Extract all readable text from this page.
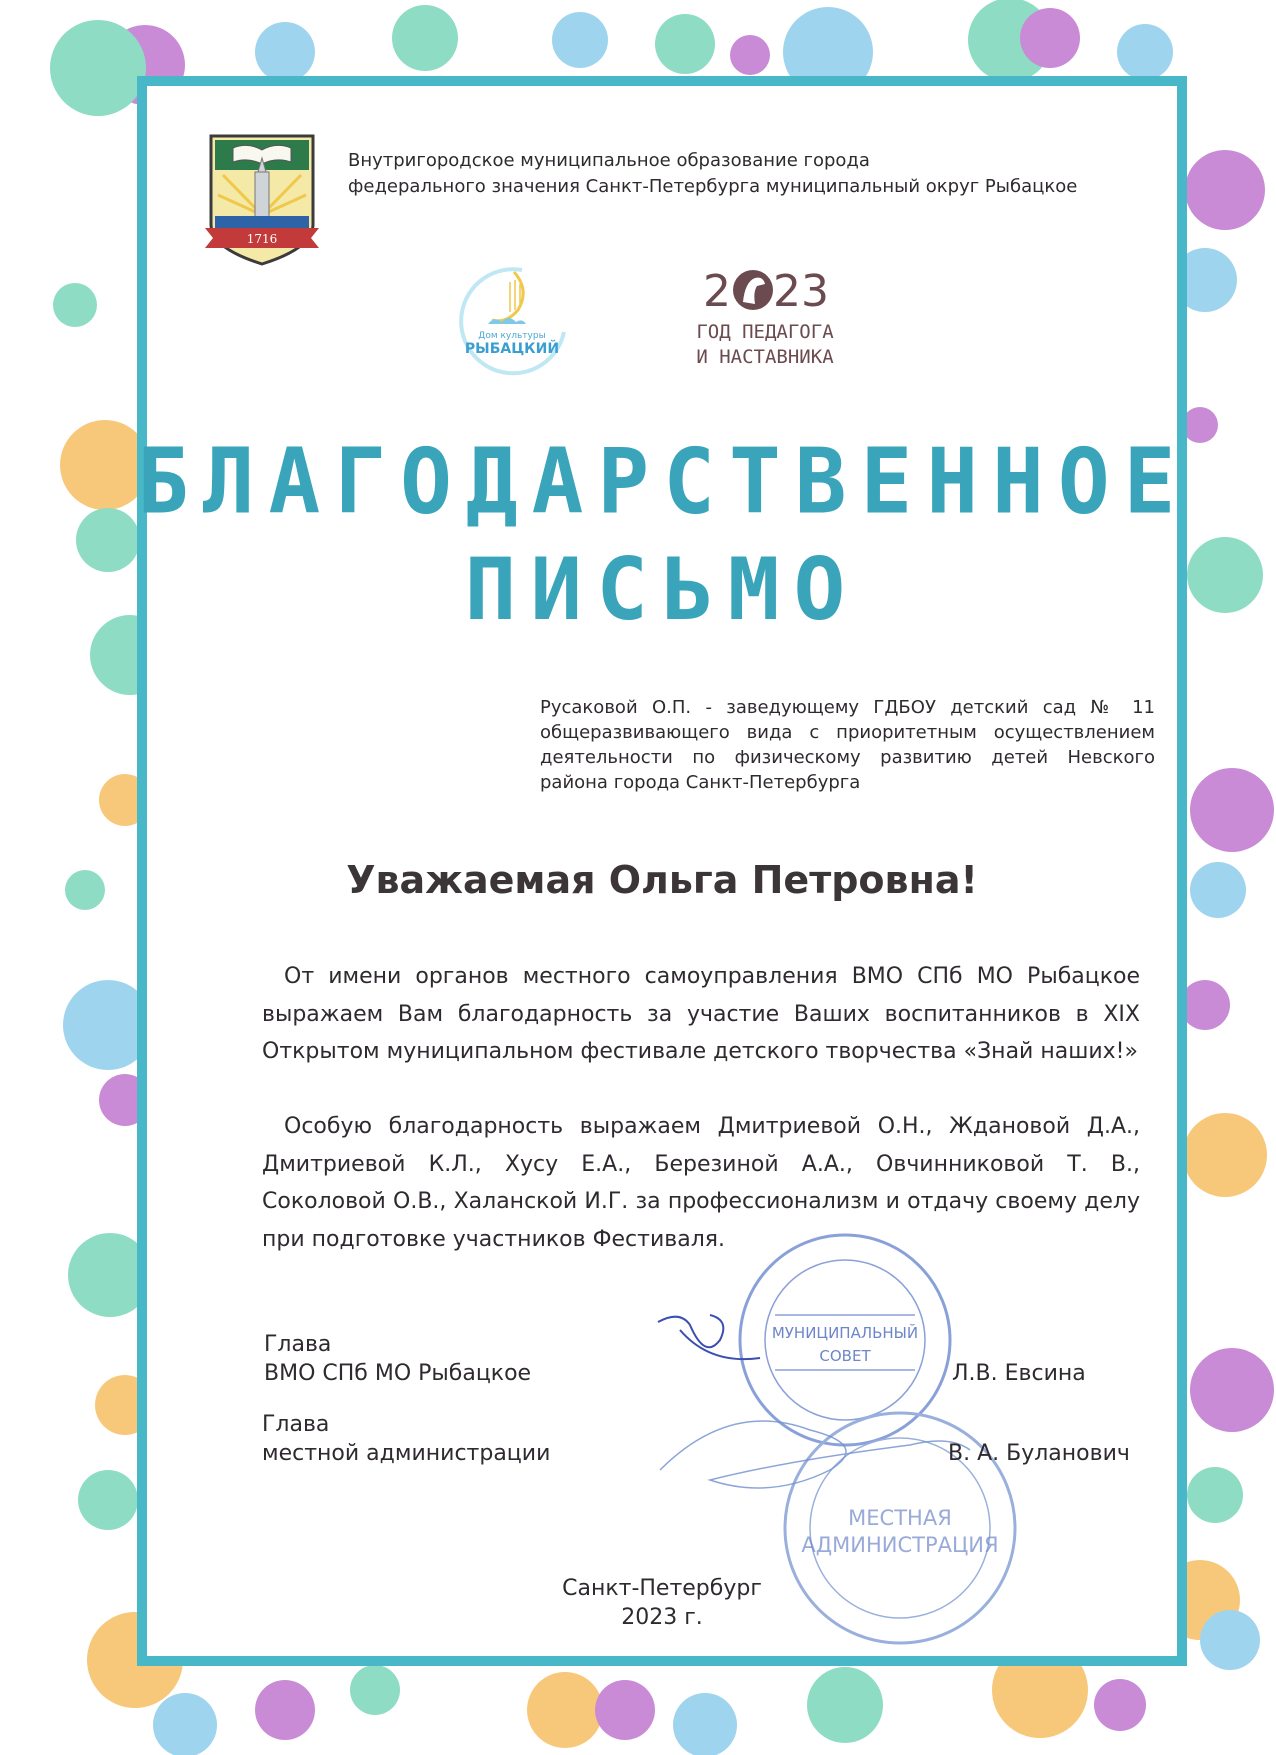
1716
Внутригородское муниципальное образование города
федерального значения Санкт-Петербурга муниципальный округ Рыбацкое
Дом культуры
РЫБАЦКИЙ
2 23
ГОД ПЕДАГОГА
И НАСТАВНИКА
БЛАГОДАРСТВЕННОЕ
ПИСЬМО
Русаковой О.П. - заведующему ГДБОУ детский сад № 11 общеразвивающего вида с приоритетным осуществлением деятельности по физическому развитию детей Невского района города Санкт-Петербурга
Уважаемая Ольга Петровна!
От имени органов местного самоуправления ВМО СПб МО Рыбацкое выражаем Вам благодарность за участие Ваших воспитанников в XIX Открытом муниципальном фестивале детского творчества «Знай наших!»
Особую благодарность выражаем Дмитриевой О.Н., Ждановой Д.А., Дмитриевой К.Л., Хусу Е.А., Березиной А.А., Овчинниковой Т. В., Соколовой О.В., Халанской И.Г. за профессионализм и отдачу своему делу при подготовке участников Фестиваля.
МУНИЦИПАЛЬНЫЙ
СОВЕТ
МЕСТНАЯ
АДМИНИСТРАЦИЯ
Глава
ВМО СПб МО Рыбацкое	Л.В. Евсина
Глава
местной администрации	В. А. Буланович
Санкт-Петербург
2023 г.
